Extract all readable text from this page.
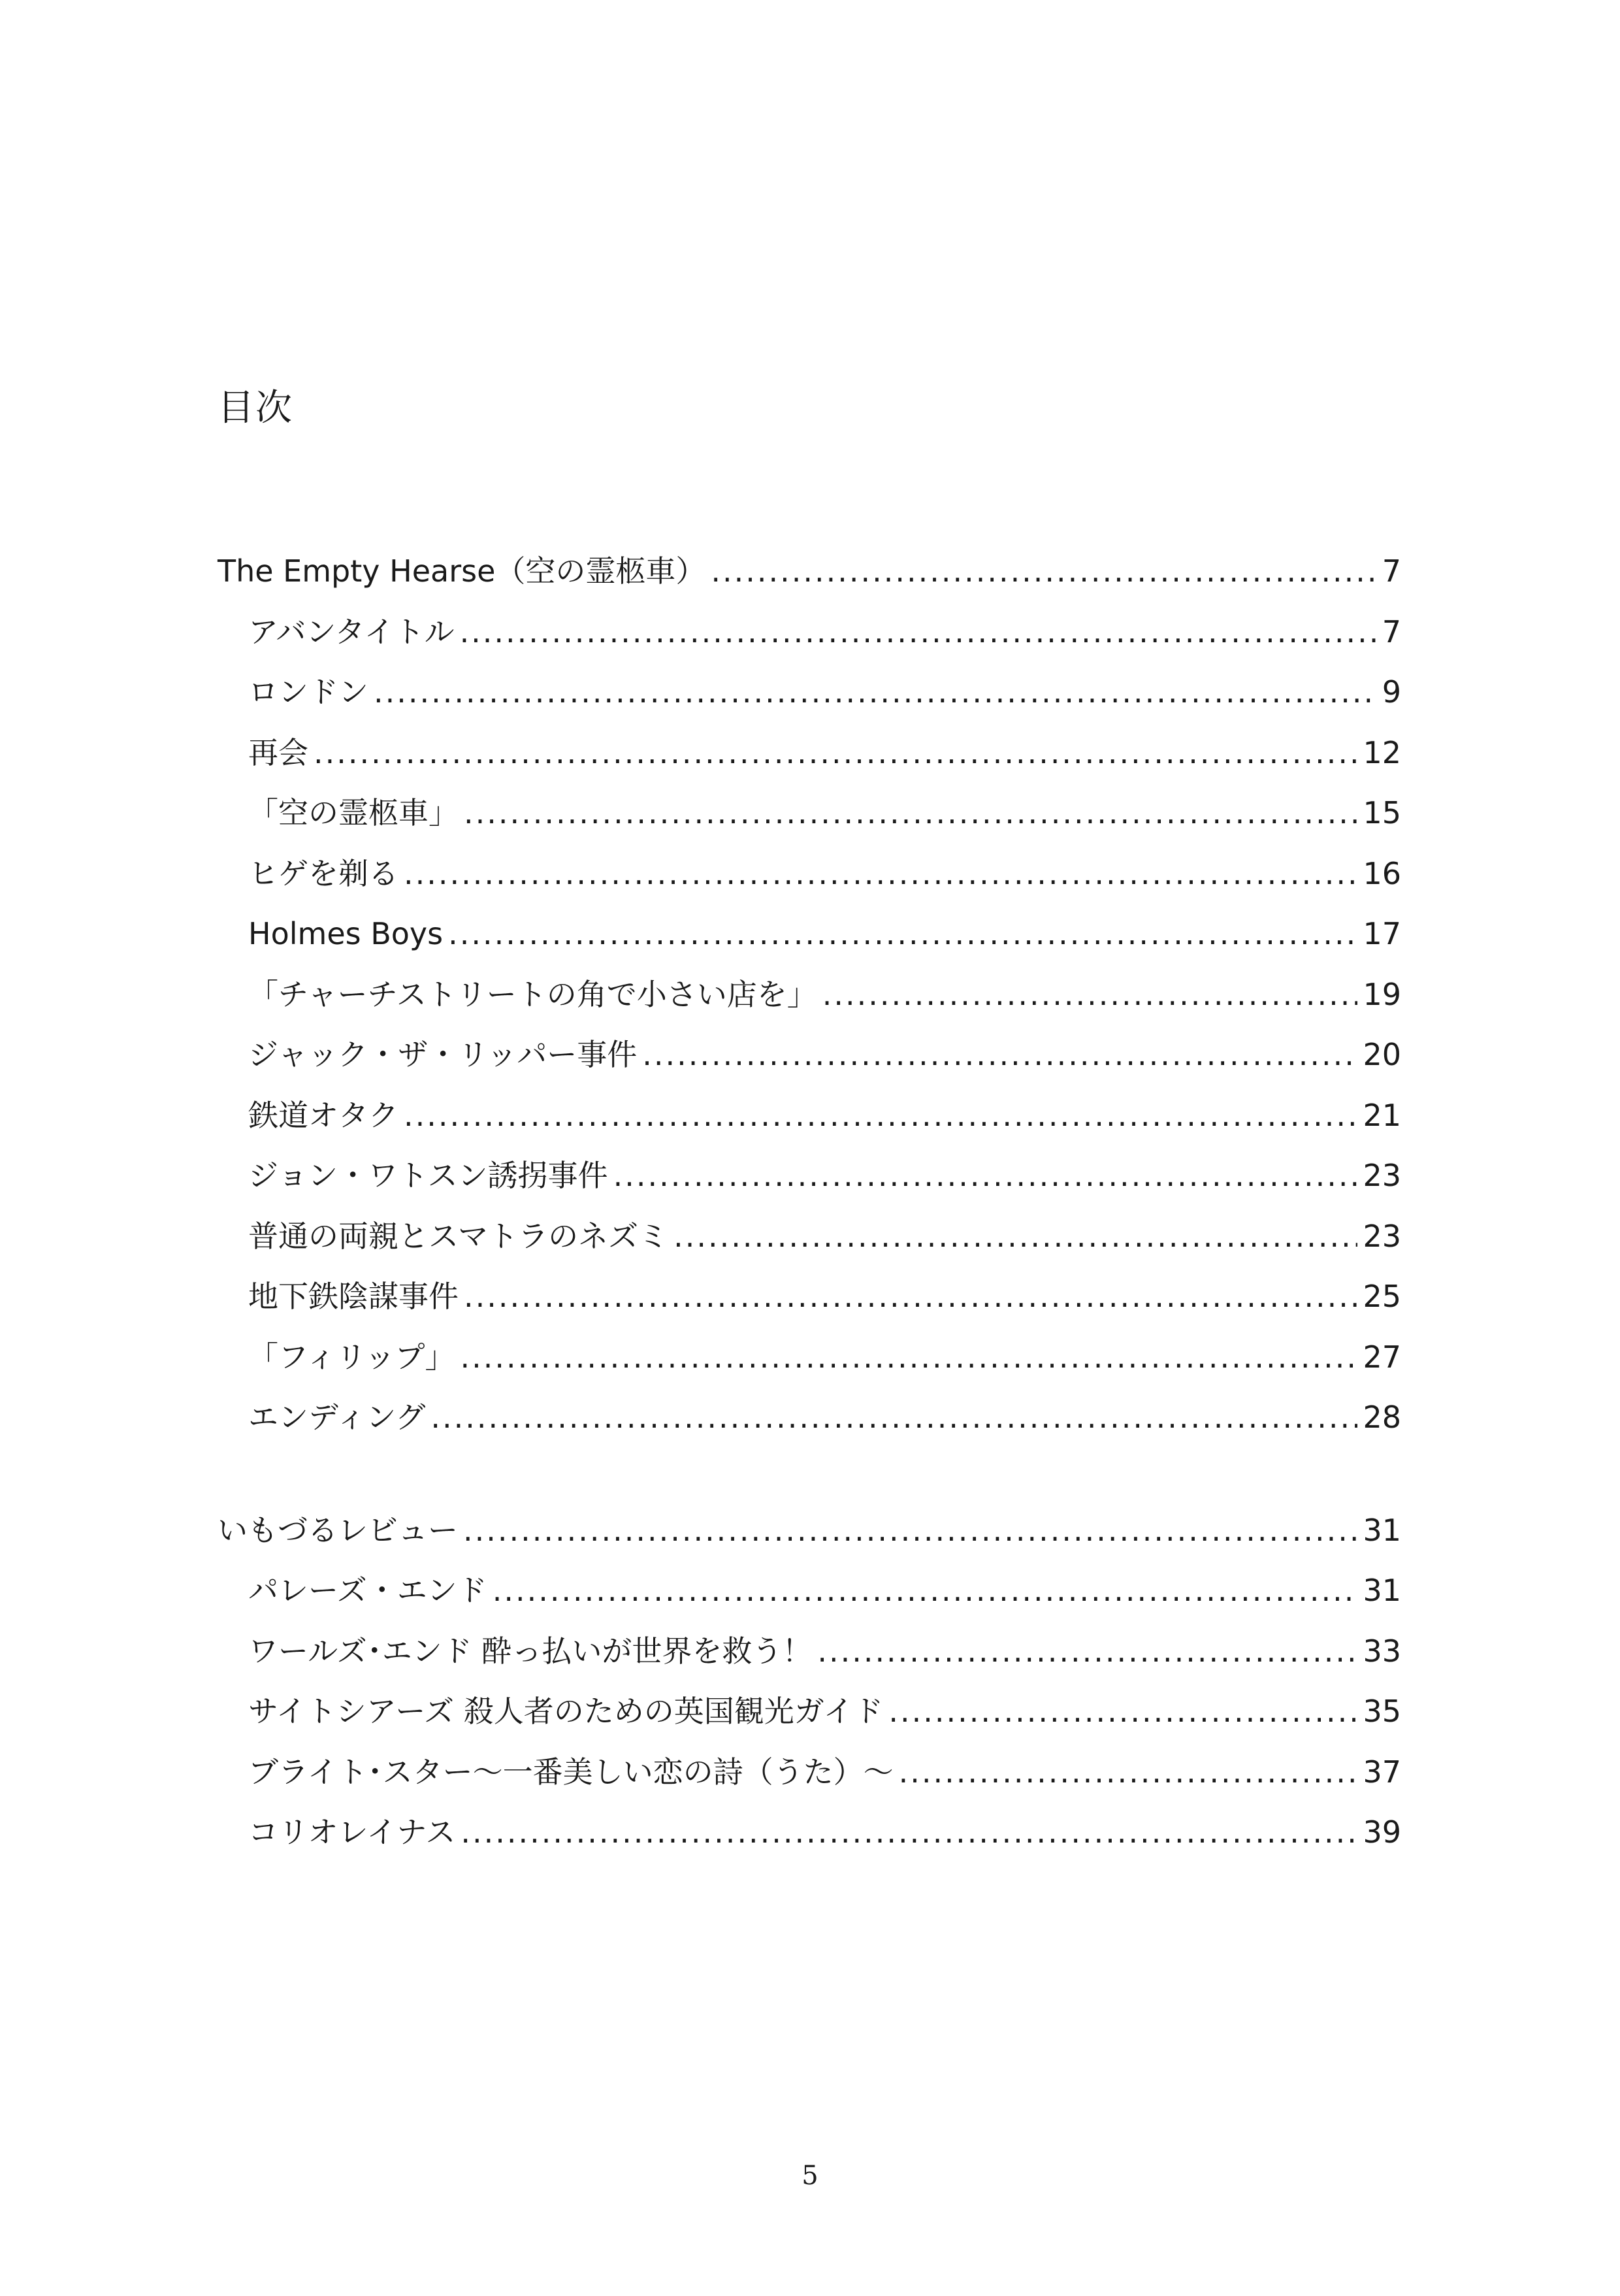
目次
The Empty Hearse（空の霊柩車） .....	7
アバンタイトル .....	7
ロンドン .....	9
再会 .....	12
「空の霊柩車」 .....	15
ヒゲを剃る .....	16
Holmes Boys .....	17
「チャーチストリートの角で小さい店を」 .....	19
ジャック・ザ・リッパー事件 .....	20
鉄道オタク .....	21
ジョン・ワトスン誘拐事件 .....	23
普通の両親とスマトラのネズミ .....	23
地下鉄陰謀事件 .....	25
「フィリップ」 .....	27
エンディング .....	28
いもづるレビュー .....	31
パレーズ・エンド .....	31
ワールズ･エンド 酔っ払いが世界を救う！ .....	33
サイトシアーズ 殺人者のための英国観光ガイド .....	35
ブライト･スター～一番美しい恋の詩（うた）～ .....	37
コリオレイナス .....	39
5
